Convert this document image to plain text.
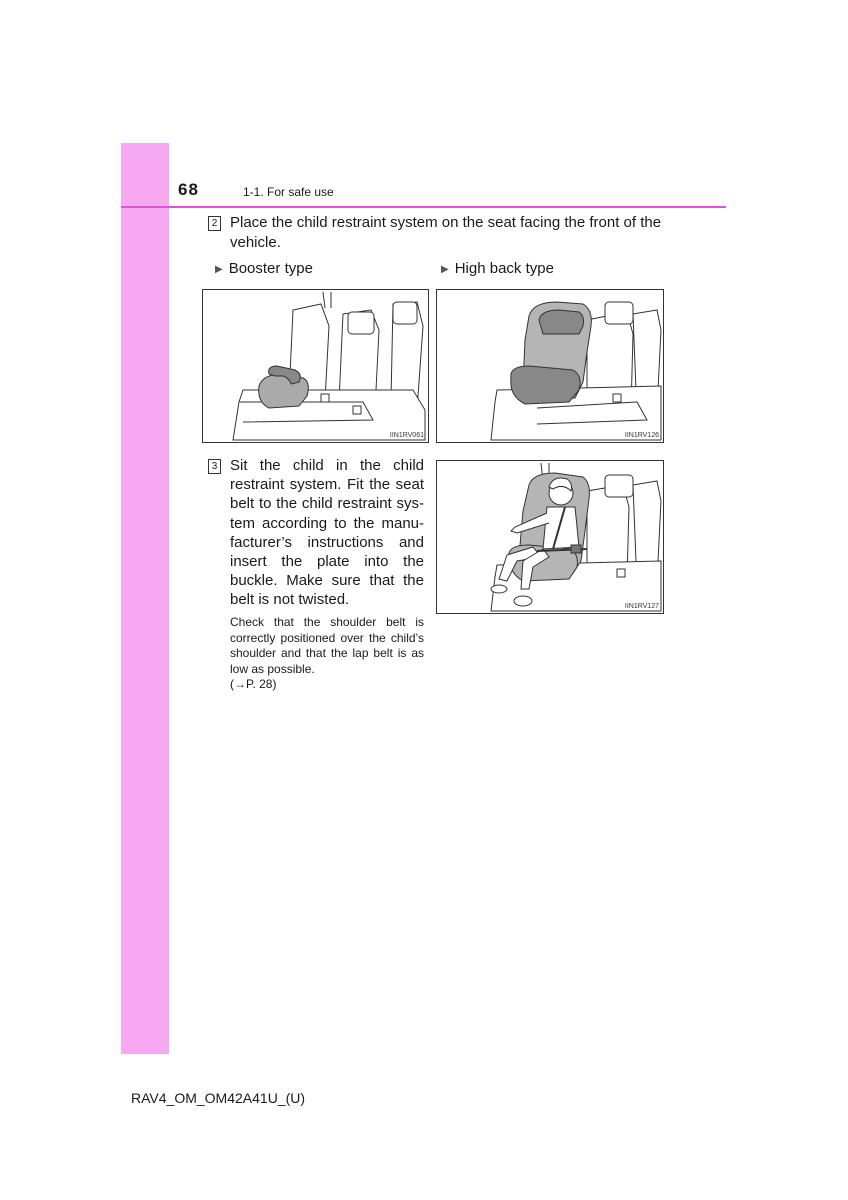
68	1-1. For safe use
2 Place the child restraint system on the seat facing the front of the vehicle.
▶ Booster type	▶ High back type
IIN1RV061	IIN1RV126
3 Sit the child in the child restraint system. Fit the seat belt to the child restraint sys-tem according to the manu-facturer’s instructions and insert the plate into the buckle. Make sure that the belt is not twisted.
Check that the shoulder belt is correctly positioned over the child’s shoulder and that the lap belt is as low as possible.
(→P. 28)
IIN1RV127
RAV4_OM_OM42A41U_(U)
